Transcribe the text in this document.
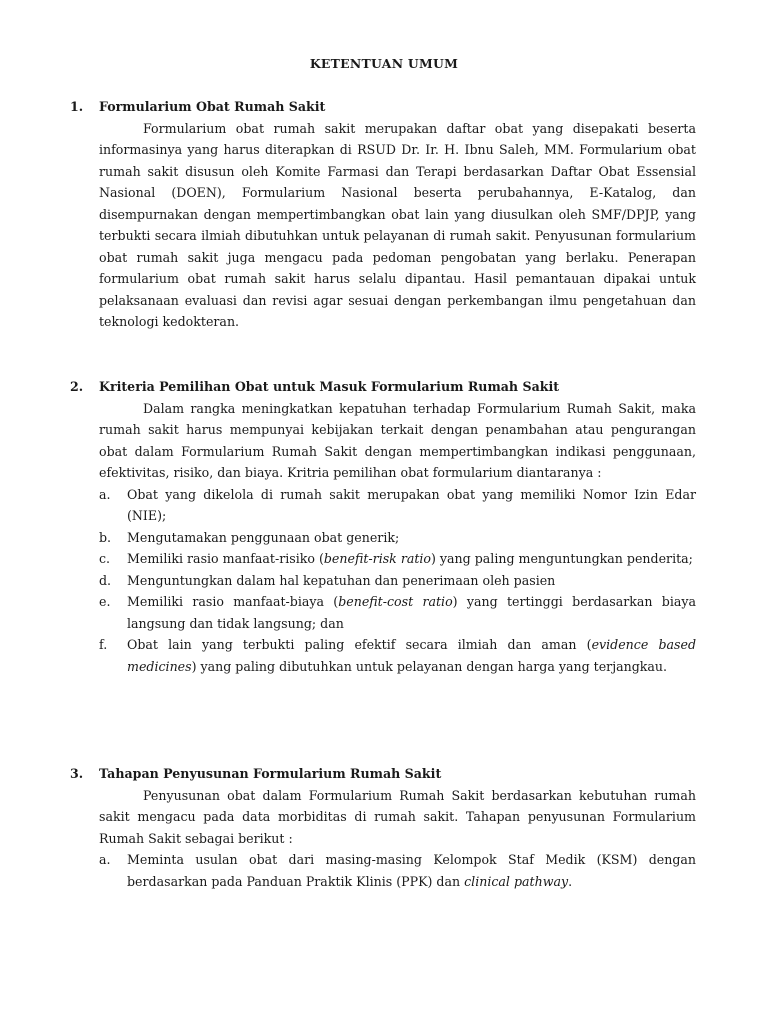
KETENTUAN UMUM
1. Formularium Obat Rumah Sakit

Formularium obat rumah sakit merupakan daftar obat yang disepakati beserta informasinya yang harus diterapkan di RSUD Dr. Ir. H. Ibnu Saleh, MM. Formularium obat rumah sakit disusun oleh Komite Farmasi dan Terapi berdasarkan Daftar Obat Essensial Nasional (DOEN), Formularium Nasional beserta perubahannya, E-Katalog, dan disempurnakan dengan mempertimbangkan obat lain yang diusulkan oleh SMF/DPJP, yang terbukti secara ilmiah dibutuhkan untuk pelayanan di rumah sakit. Penyusunan formularium obat rumah sakit juga mengacu pada pedoman pengobatan yang berlaku. Penerapan formularium obat rumah sakit harus selalu dipantau. Hasil pemantauan dipakai untuk pelaksanaan evaluasi dan revisi agar sesuai dengan perkembangan ilmu pengetahuan dan teknologi kedokteran.

2. Kriteria Pemilihan Obat untuk Masuk Formularium Rumah Sakit

Dalam rangka meningkatkan kepatuhan terhadap Formularium Rumah Sakit, maka rumah sakit harus mempunyai kebijakan terkait dengan penambahan atau pengurangan obat dalam Formularium Rumah Sakit dengan mempertimbangkan indikasi penggunaan, efektivitas, risiko, dan biaya. Kritria pemilihan obat formularium diantaranya :

a. Obat yang dikelola di rumah sakit merupakan obat yang memiliki Nomor Izin Edar (NIE);
b. Mengutamakan penggunaan obat generik;
c. Memiliki rasio manfaat-risiko (benefit-risk ratio) yang paling menguntungkan penderita;
d. Menguntungkan dalam hal kepatuhan dan penerimaan oleh pasien
e. Memiliki rasio manfaat-biaya (benefit-cost ratio) yang tertinggi berdasarkan biaya langsung dan tidak langsung; dan
f. Obat lain yang terbukti paling efektif secara ilmiah dan aman (evidence based medicines) yang paling dibutuhkan untuk pelayanan dengan harga yang terjangkau.
3. Tahapan Penyusunan Formularium Rumah Sakit

Penyusunan obat dalam Formularium Rumah Sakit berdasarkan kebutuhan rumah sakit mengacu pada data morbiditas di rumah sakit. Tahapan penyusunan Formularium Rumah Sakit sebagai berikut :

a. Meminta usulan obat dari masing-masing Kelompok Staf Medik (KSM) dengan berdasarkan pada Panduan Praktik Klinis (PPK) dan clinical pathway.
